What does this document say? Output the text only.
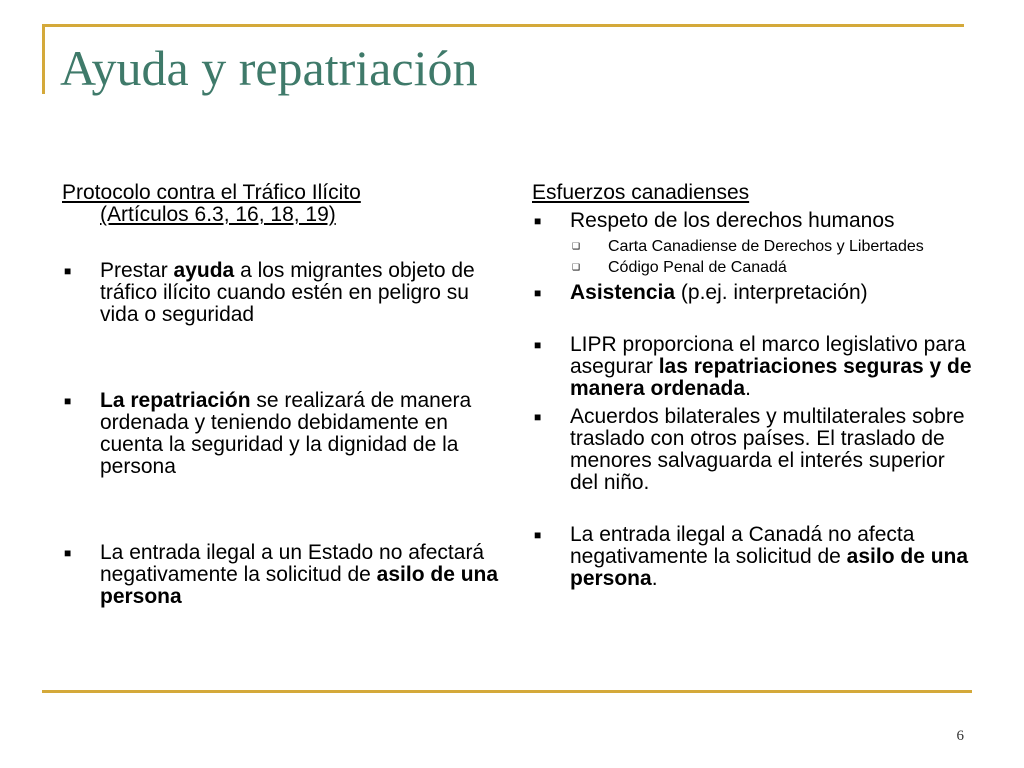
Ayuda y repatriación
Protocolo contra el Tráfico Ilícito
(Artículos 6.3, 16, 18, 19)
■ Prestar ayuda a los migrantes objeto de tráfico ilícito cuando estén en peligro su vida o seguridad
■ La repatriación se realizará de manera ordenada y teniendo debidamente en cuenta la seguridad y la dignidad de la persona
■ La entrada ilegal a un Estado no afectará negativamente la solicitud de asilo de una persona
Esfuerzos canadienses
■ Respeto de los derechos humanos
❑ Carta Canadiense de Derechos y Libertades
❑ Código Penal de Canadá
■ Asistencia (p.ej. interpretación)
■ LIPR proporciona el marco legislativo para asegurar las repatriaciones seguras y de manera ordenada.
■ Acuerdos bilaterales y multilaterales sobre traslado con otros países. El traslado de menores salvaguarda el interés superior del niño.
■ La entrada ilegal a Canadá no afecta negativamente la solicitud de asilo de una persona.
6
